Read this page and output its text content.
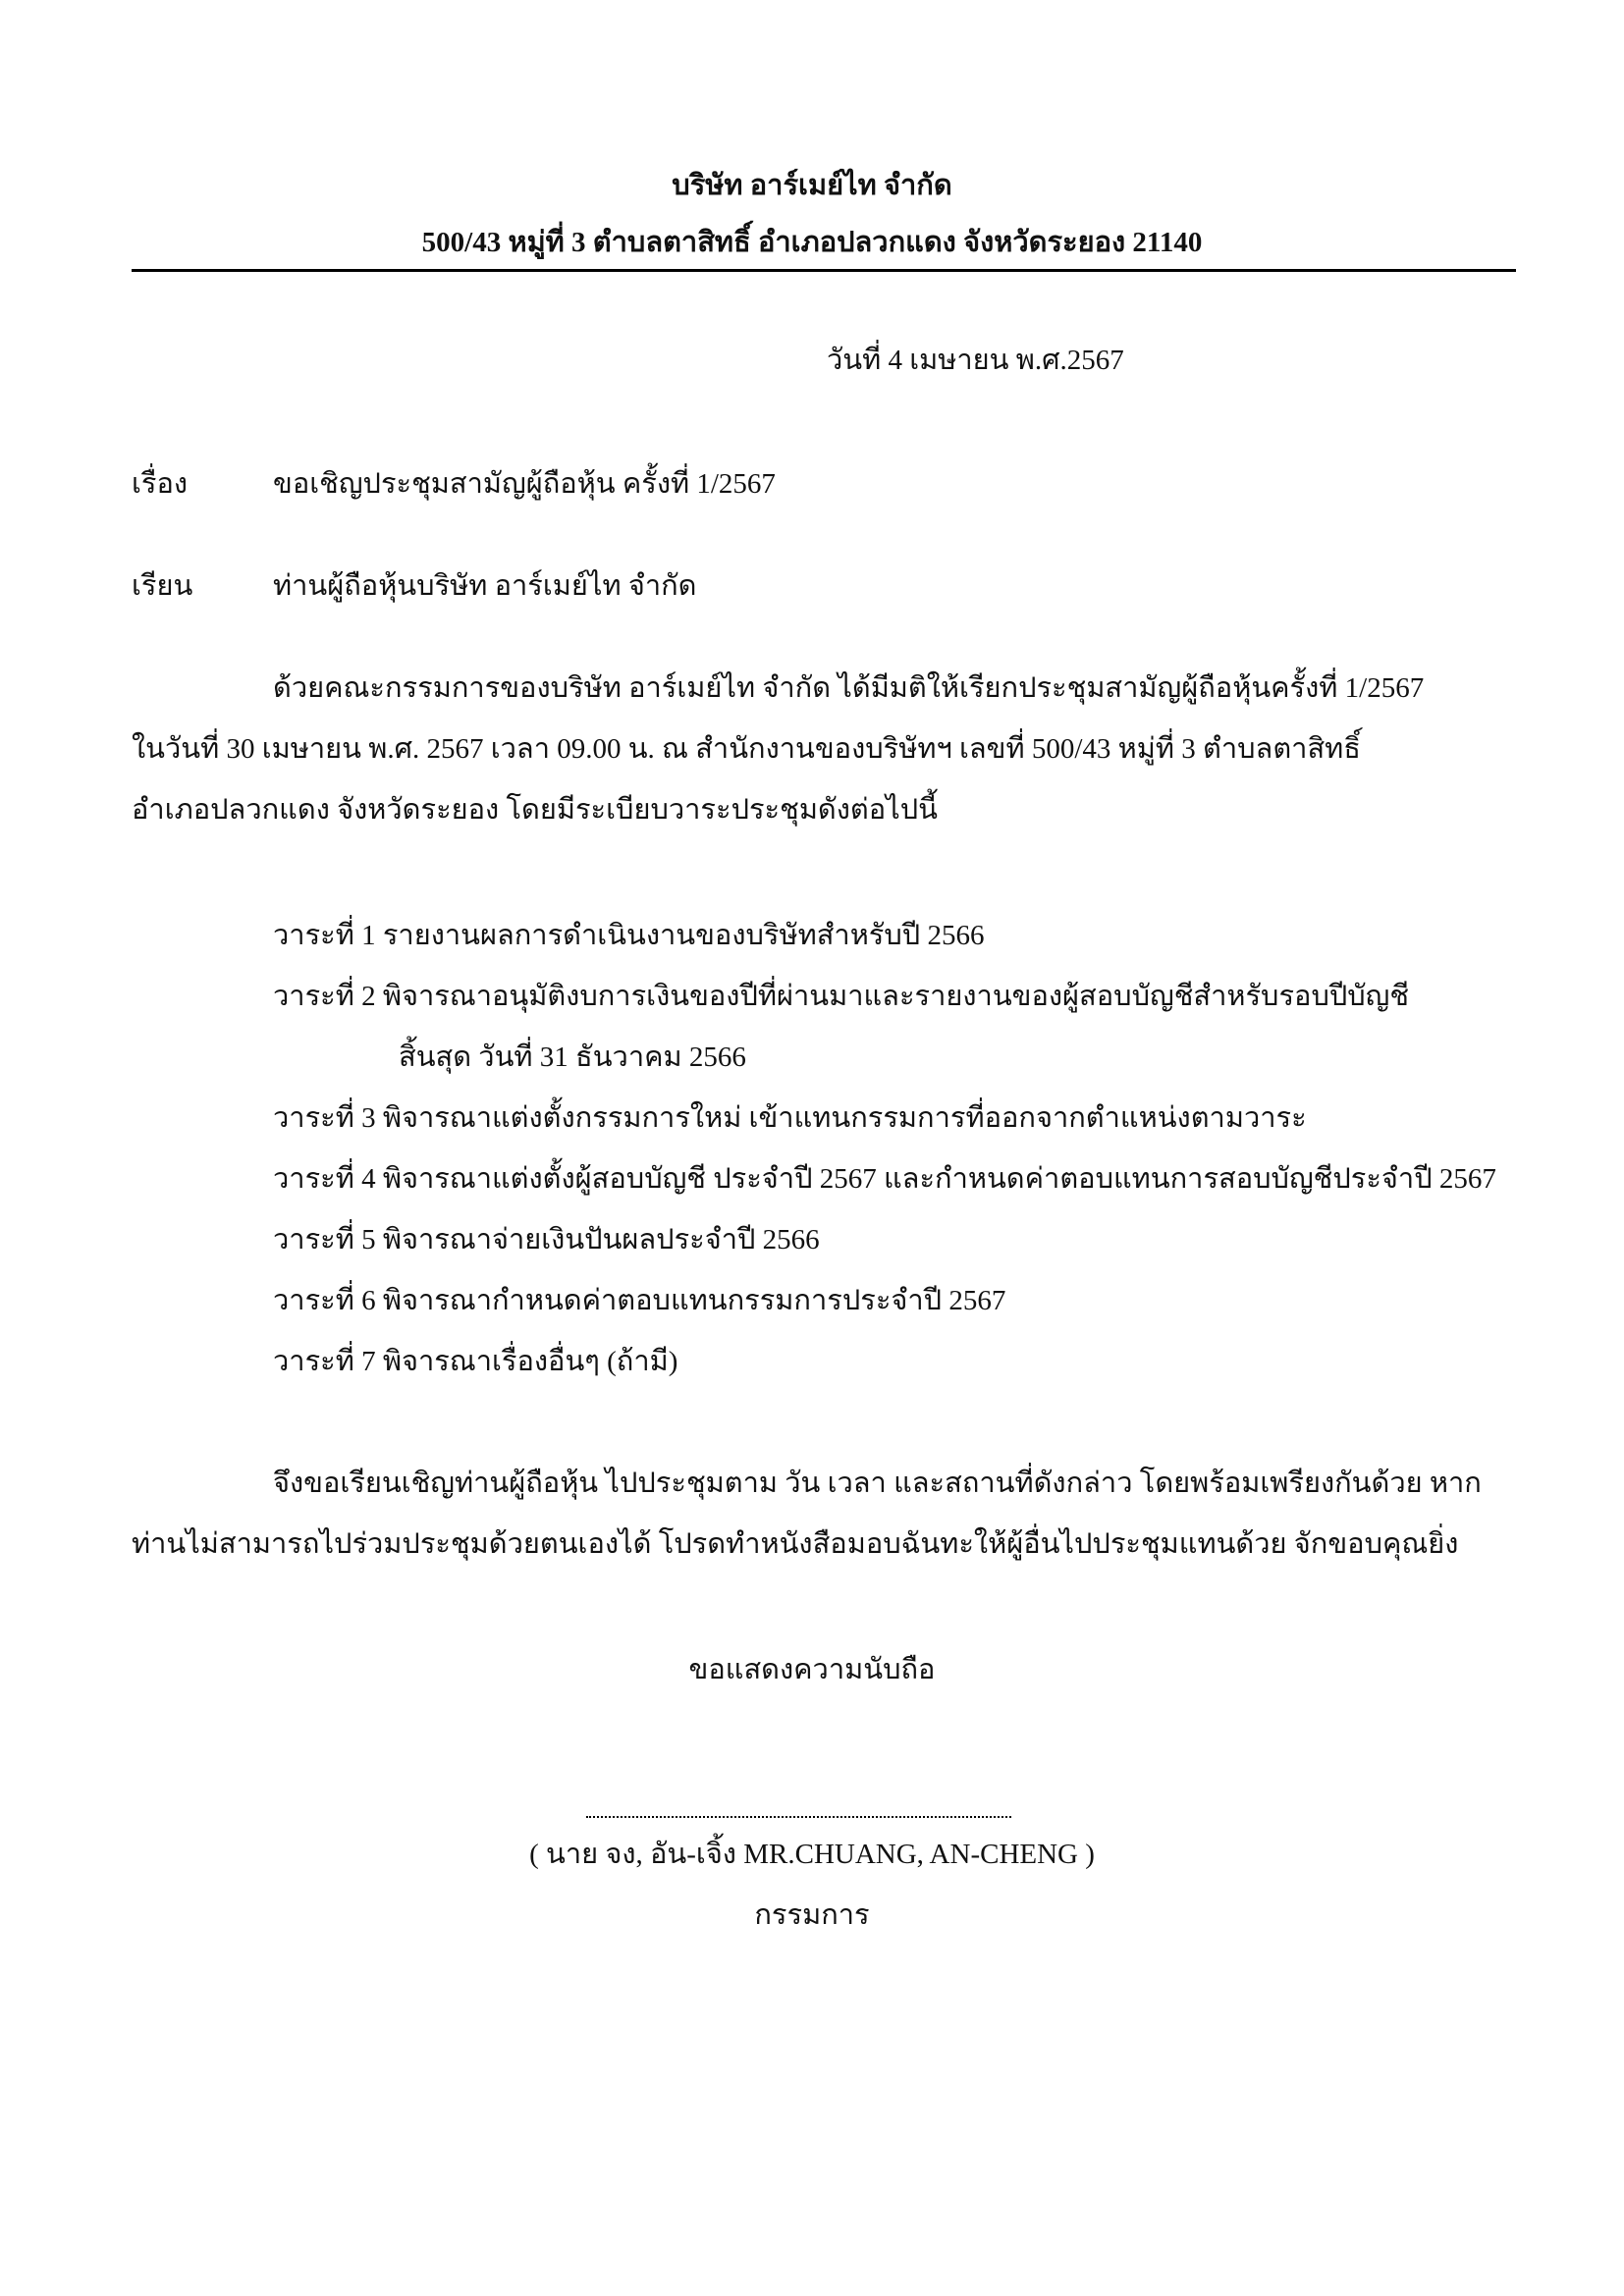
บริษัท อาร์เมย์ไท จำกัด
500/43 หมู่ที่ 3 ตำบลตาสิทธิ์ อำเภอปลวกแดง จังหวัดระยอง 21140
วันที่ 4 เมษายน พ.ศ.2567
เรื่อง	ขอเชิญประชุมสามัญผู้ถือหุ้น ครั้งที่ 1/2567
เรียน	ท่านผู้ถือหุ้นบริษัท อาร์เมย์ไท จำกัด
ด้วยคณะกรรมการของบริษัท อาร์เมย์ไท จำกัด ได้มีมติให้เรียกประชุมสามัญผู้ถือหุ้นครั้งที่ 1/2567
ในวันที่ 30 เมษายน พ.ศ. 2567 เวลา 09.00 น. ณ สำนักงานของบริษัทฯ เลขที่ 500/43 หมู่ที่ 3 ตำบลตาสิทธิ์
อำเภอปลวกแดง จังหวัดระยอง โดยมีระเบียบวาระประชุมดังต่อไปนี้
วาระที่ 1 รายงานผลการดำเนินงานของบริษัทสำหรับปี 2566
วาระที่ 2 พิจารณาอนุมัติงบการเงินของปีที่ผ่านมาและรายงานของผู้สอบบัญชีสำหรับรอบปีบัญชี
สิ้นสุด วันที่ 31 ธันวาคม 2566
วาระที่ 3 พิจารณาแต่งตั้งกรรมการใหม่ เข้าแทนกรรมการที่ออกจากตำแหน่งตามวาระ
วาระที่ 4 พิจารณาแต่งตั้งผู้สอบบัญชี ประจำปี 2567 และกำหนดค่าตอบแทนการสอบบัญชีประจำปี 2567
วาระที่ 5 พิจารณาจ่ายเงินปันผลประจำปี 2566
วาระที่ 6 พิจารณากำหนดค่าตอบแทนกรรมการประจำปี 2567
วาระที่ 7 พิจารณาเรื่องอื่นๆ (ถ้ามี)
จึงขอเรียนเชิญท่านผู้ถือหุ้น ไปประชุมตาม วัน เวลา และสถานที่ดังกล่าว โดยพร้อมเพรียงกันด้วย หาก
ท่านไม่สามารถไปร่วมประชุมด้วยตนเองได้ โปรดทำหนังสือมอบฉันทะให้ผู้อื่นไปประชุมแทนด้วย จักขอบคุณยิ่ง
ขอแสดงความนับถือ
( นาย จง, อัน-เจิ้ง MR.CHUANG, AN-CHENG )
กรรมการ
